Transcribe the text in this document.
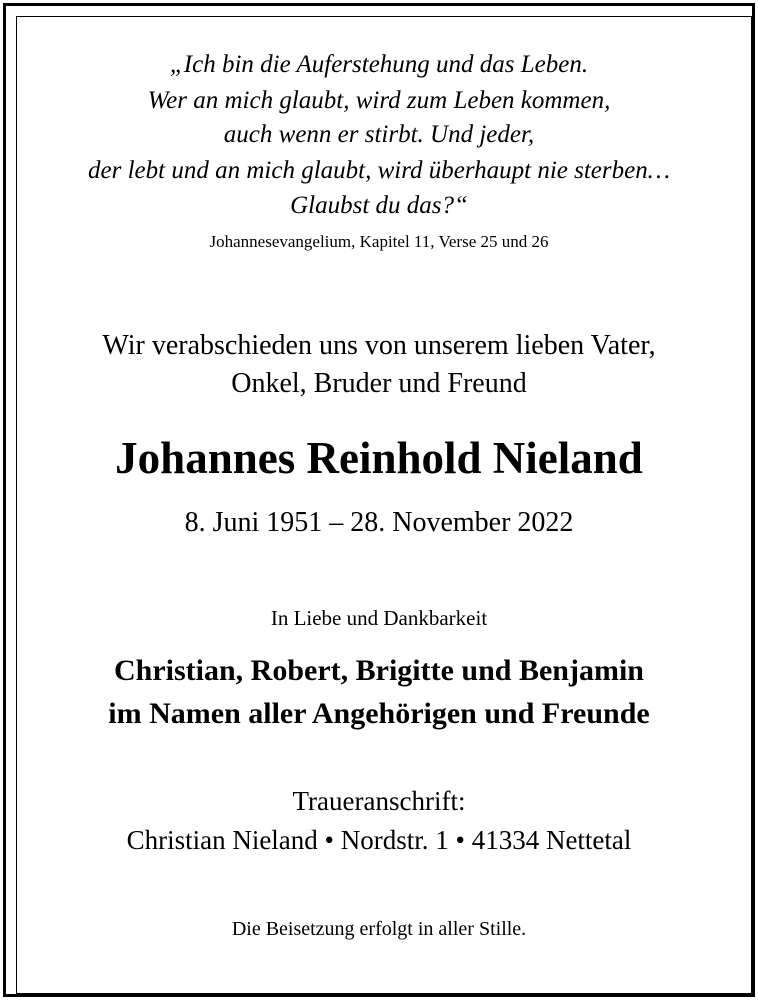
„Ich bin die Auferstehung und das Leben.
Wer an mich glaubt, wird zum Leben kommen,
auch wenn er stirbt. Und jeder,
der lebt und an mich glaubt, wird überhaupt nie sterben…
Glaubst du das?“
Johannesevangelium, Kapitel 11, Verse 25 und 26
Wir verabschieden uns von unserem lieben Vater,
Onkel, Bruder und Freund
Johannes Reinhold Nieland
8. Juni 1951 – 28. November 2022
In Liebe und Dankbarkeit
Christian, Robert, Brigitte und Benjamin
im Namen aller Angehörigen und Freunde
Traueranschrift:
Christian Nieland • Nordstr. 1 • 41334 Nettetal
Die Beisetzung erfolgt in aller Stille.
